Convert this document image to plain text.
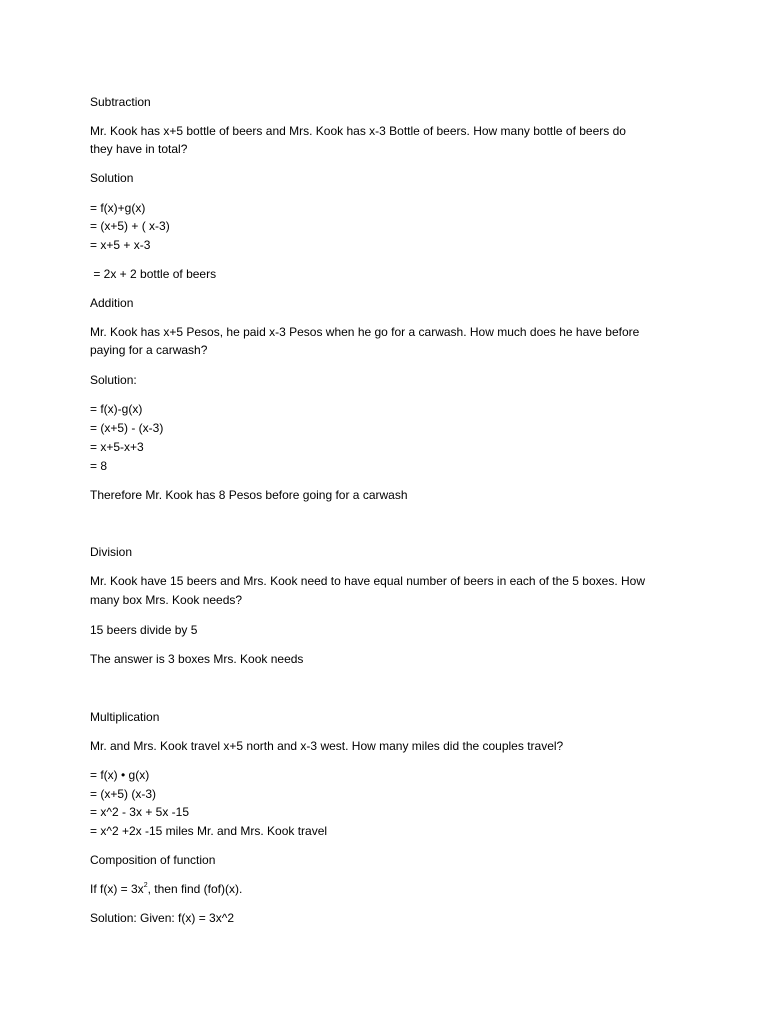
Subtraction
Mr. Kook has x+5 bottle of beers and Mrs. Kook has x-3 Bottle of beers. How many bottle of beers do
they have in total?
Solution
= f(x)+g(x)
= (x+5) + ( x-3)
= x+5 + x-3
= 2x + 2 bottle of beers
Addition
Mr. Kook has x+5 Pesos, he paid x-3 Pesos when he go for a carwash. How much does he have before
paying for a carwash?
Solution:
= f(x)-g(x)
= (x+5) - (x-3)
= x+5-x+3
= 8
Therefore Mr. Kook has 8 Pesos before going for a carwash
Division
Mr. Kook have 15 beers and Mrs. Kook need to have equal number of beers in each of the 5 boxes. How
many box Mrs. Kook needs?
15 beers divide by 5
The answer is 3 boxes Mrs. Kook needs
Multiplication
Mr. and Mrs. Kook travel x+5 north and x-3 west. How many miles did the couples travel?
= f(x) • g(x)
= (x+5) (x-3)
= x^2 - 3x + 5x -15
= x^2 +2x -15 miles Mr. and Mrs. Kook travel
Composition of function
If $f(x) = 3x^2$, then find (fof)(x).
Solution: Given: f(x) = 3x^2
